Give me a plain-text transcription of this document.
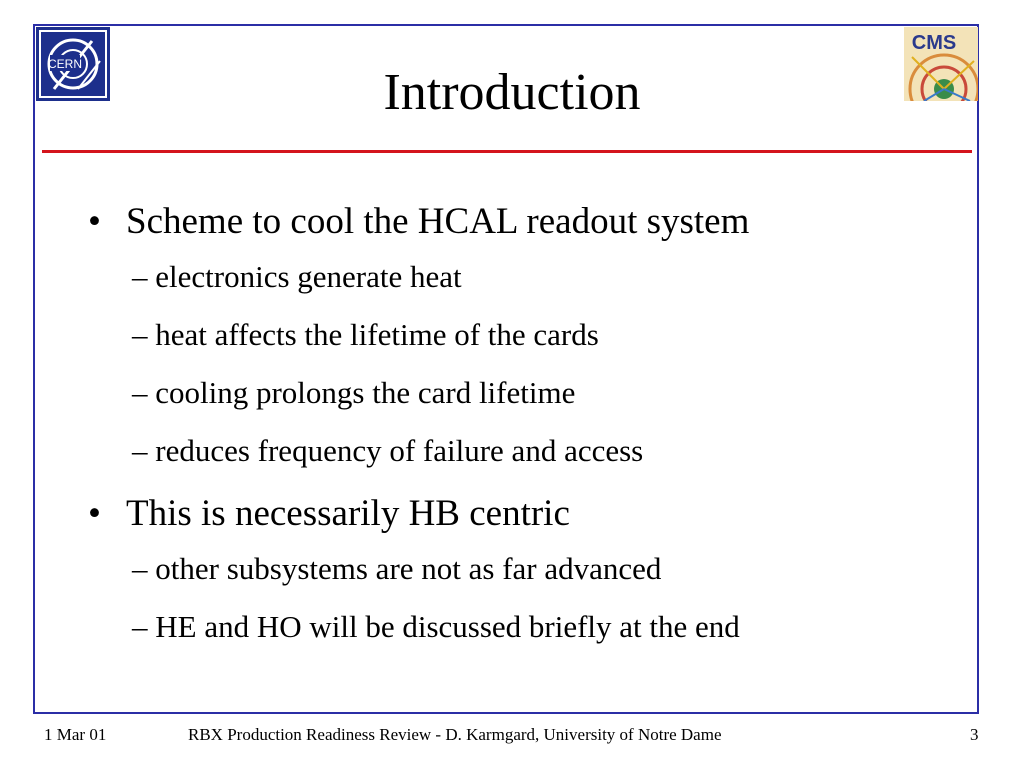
CERN
CMS
Introduction
• Scheme to cool the HCAL readout system
– electronics generate heat
– heat affects the lifetime of the cards
– cooling prolongs the card lifetime
– reduces frequency of failure and access
• This is necessarily HB centric
– other subsystems are not as far advanced
– HE and HO will be discussed briefly at the end
1 Mar 01	RBX Production Readiness Review - D. Karmgard, University of Notre Dame	3
